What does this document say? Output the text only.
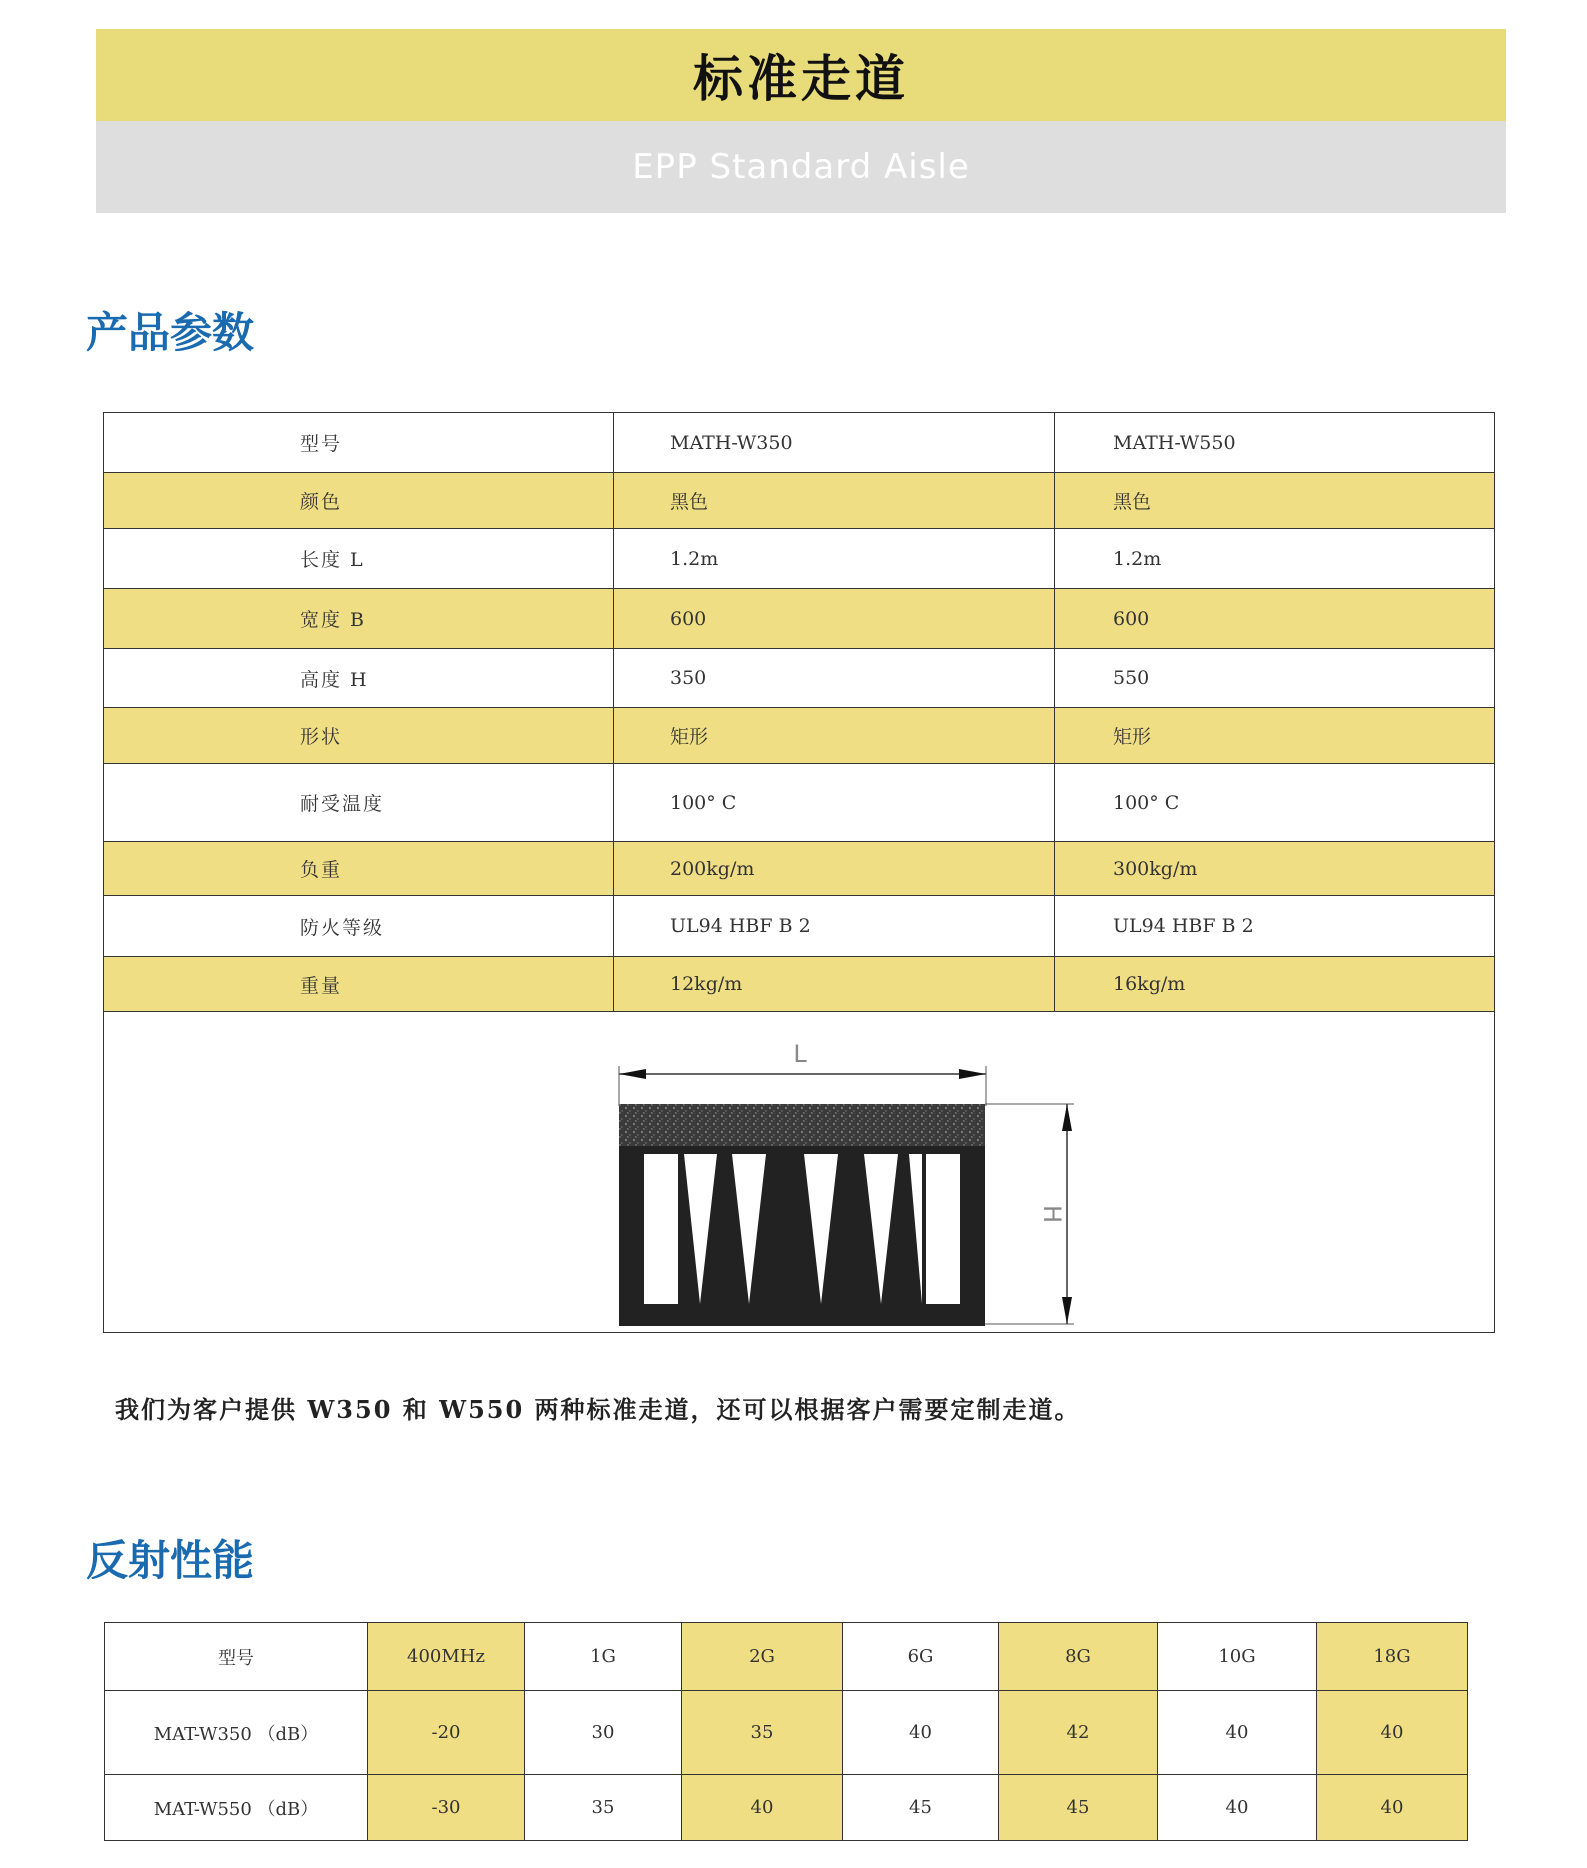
标准走道
EPP Standard Aisle
产品参数
型号	MATH-W350	MATH-W550
颜色	黑色	黑色
长度 L	1.2m	1.2m
宽度 B	600	600
高度 H	350	550
形状	矩形	矩形
耐受温度	100° C	100° C
负重	200kg/m	300kg/m
防火等级	UL94 HBF B 2	UL94 HBF B 2
重量	12kg/m	16kg/m

L
H		

我们为客户提供 W350 和 W550 两种标准走道，还可以根据客户需要定制走道。

反射性能
型号	400MHz	1G	2G	6G	8G	10G	18G
MAT-W350 （dB）	-20	30	35	40	42	40	40
MAT-W550 （dB）	-30	35	40	45	45	40	40
